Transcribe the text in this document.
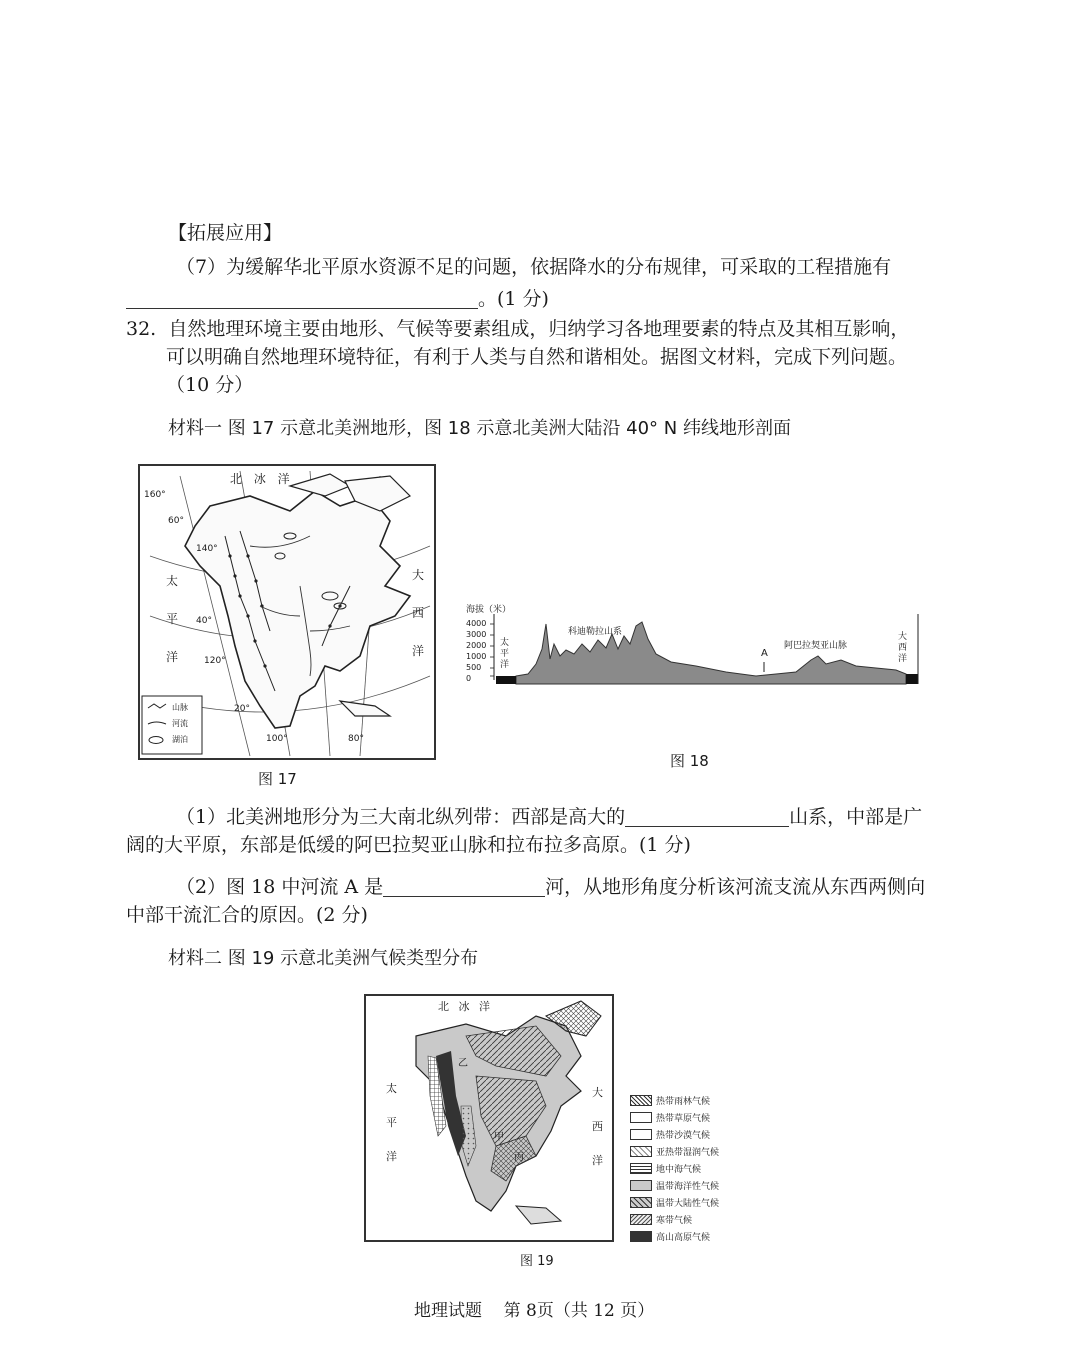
【拓展应用】
（7）为缓解华北平原水资源不足的问题，依据降水的分布规律，可采取的工程措施有
。(1 分)
32. 自然地理环境主要由地形、气候等要素组成，归纳学习各地理要素的特点及其相互影响，
可以明确自然地理环境特征，有利于人类与自然和谐相处。据图文材料，完成下列问题。
（10 分）
材料一 图 17 示意北美洲地形，图 18 示意北美洲大陆沿 40° N 纬线地形剖面
北 冰 洋
太
平
洋
大
西
洋
160°
140°
120°
100°	80°
60°
40°
20°
山脉
河流
湖泊
图 17
海拔（米）
4000
3000
2000
1000
500
0
太
平
洋
大
西
洋
科迪勒拉山系
阿巴拉契亚山脉
A
图 18
（1）北美洲地形分为三大南北纵列带：西部是高大的	山系，中部是广
阔的大平原，东部是低缓的阿巴拉契亚山脉和拉布拉多高原。(1 分)
（2）图 18 中河流 A 是	河，从地形角度分析该河流支流从东西两侧向
中部干流汇合的原因。(2 分)
材料二 图 19 示意北美洲气候类型分布
北 冰 洋
太
平
洋
大
西
洋
乙
甲
丙
热带雨林气候
热带草原气候
热带沙漠气候
亚热带湿润气候
地中海气候
温带海洋性气候
温带大陆性气候
寒带气候
高山高原气候
图 19
地理试题    第 8页（共 12 页）
